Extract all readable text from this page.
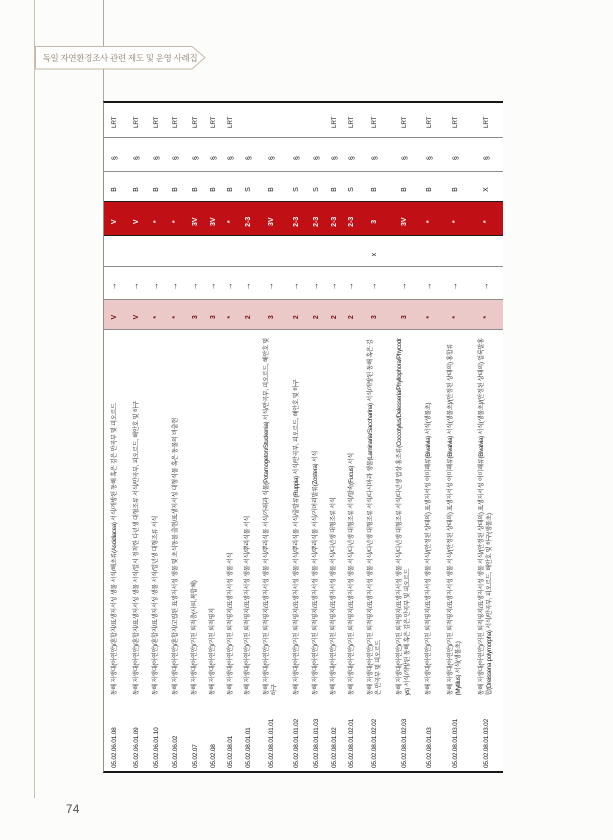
독일 자연환경조사 관련 제도 및 운영 사례집
05.02.06.01.08
동해 저생대(아연안)/혼합지/표생저서성 생물 서식/해초류(Ascidiacea) 서식/개방된 동해 혹은 깊은 만곡부 및 피오르드
V
↑
V
B
§
LRT
05.02.06.01.09
동해 저생대(아연안)/혼합지/표생저서성 생물 서식/일시 정착한 다년생 대형조류 서식/만곡부, 피오르드, 해안호 및 하구
V
↑
V
B
§
LRT
05.02.06.01.10
동해 저생대(아연안)/혼합지/표생저서성 생물 서식/일년생 대형조류 서식
*
↑
*
B
§
LRT
05.02.06.02
동해 저생대(아연안)/혼합지/고립된 표생저서성 생물 및 초식동물 출현/표생저서성 대형식물 혹은 동물의 비출현
*
↑
*
B
§
LRT
05.02.07
동해 저생대(아연안)/거친 퇴적층(사퇴,복합체)
3
↑
3V
B
§
LRT
05.02.08
동해 저생대(아연안)/거친 퇴적평지
3
↑
3V
B
§
LRT
05.02.08.01
동해 저생대(아연안)/거친 퇴적평지/표생저서성 생물 서식
*
↑
*
B
§
LRT
05.02.08.01.01
동해 저생대(아연안)/거친 퇴적평지/표생저서성 생물 서식/뿌리식물 서식
2
↑
2-3
S
§
05.02.08.01.01.01
동해 저생대(아연안)/거친 퇴적평지/표생저서성 생물 서식/뿌리식물 서식/가래과 식물(Potamogeton/Stuckenia) 서식/만곡부, 피오르드, 해안호 및 하구
3
↑
3V
B
§
05.02.08.01.01.02
동해 저생대(아연안)/거친 퇴적평지/표생저서성 생물 서식/뿌리식물 서식/줄말류(Ruppia) 서식/만곡부, 피오르드, 해안호 및 하구
2
↑
2-3
S
§
05.02.08.01.01.03
동해 저생대(아연안)/거친 퇴적평지/표생저서성 생물 서식/뿌리식물 서식/거머리말류(Zostera) 서식
2
↑
2-3
S
§
05.02.08.01.02
동해 저생대(아연안)/거친 퇴적평지/표생저서성 생물 서식/다년생 대형조류 서식
2
↑
2-3
B
§
LRT
05.02.08.01.02.01
동해 저생대(아연안)/거친 퇴적평지/표생저서성 생물 서식/다년생 대형조류 서식/말속(Fucus) 서식
2
↑
2-3
S
§
LRT
05.02.08.01.02.02
동해 저생대(아연안)/거친 퇴적평지/표생저서성 생물 서식/다년생 대형조류 서식/다시마과 생물(Laminaria/Saccharina) 서식/개방된 동해 혹은 깊은 만곡부 및 피오르드
3
↑
x
3
B
§
LRT
05.02.08.01.02.03
동해 저생대(아연안)/거친 퇴적평지/표생저서성 생물 서식/다년생 대형조류 서식/다년생 엽상 홍조류(Coccotylus/Delesseria/Phyllophora/Phycodrys) 서식/개방된 동해 혹은 깊은 만곡부 및 피오르드
3
↑
3V
B
§
LRT
05.02.08.01.03
동해 저생대(아연안)/거친 퇴적평지/표생저서성 생물 서식/(안정된 상태의) 표생저서성 이미패류(Bivalvia) 서식(생물초)
*
↑
*
B
§
LRT
05.02.08.01.03.01
동해 저생대(아연안)/거친 퇴적평지/표생저서성 생물 서식/(안정된 상태의) 표생저서성 이미패류(Bivalvia) 서식(생물초)/(안정된 상태의) 홍합류(Mytilus) 서식(생물초)
*
↑
*
B
§
LRT
05.02.08.01.03.02
동해 저생대(아연안)/거친 퇴적평지/표생저서성 생물 서식/(안정된 상태의) 표생저서성 이미패류(Bivalvia) 서식(생물초)/(안정된 상태의) 얼룩말홍합(Dreissena polymorpha) 서식/만곡부, 피오르드, 해안호 및 하구(생물초)
*
↑
*
X
§
LRT
74
